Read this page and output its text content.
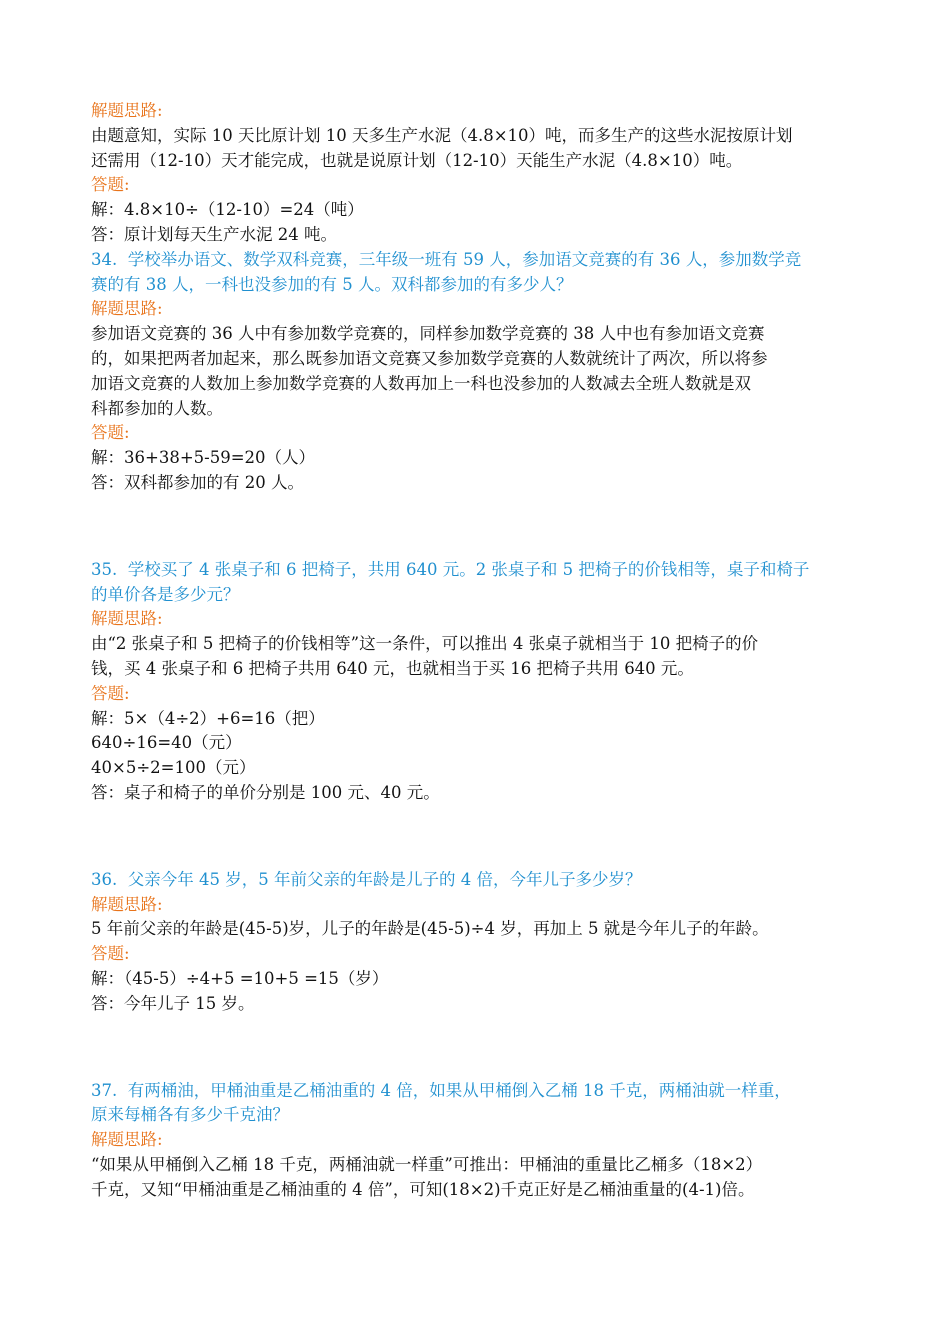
解题思路:
由题意知，实际 10 天比原计划 10 天多生产水泥（4.8×10）吨，而多生产的这些水泥按原计划
还需用（12-10）天才能完成，也就是说原计划（12-10）天能生产水泥（4.8×10）吨。
答题:
解：4.8×10÷（12-10）=24（吨）
答：原计划每天生产水泥 24 吨。
34.  学校举办语文、数学双科竞赛，三年级一班有 59 人，参加语文竞赛的有 36 人，参加数学竞
赛的有 38 人，一科也没参加的有 5 人。双科都参加的有多少人？
解题思路:
参加语文竞赛的 36 人中有参加数学竞赛的，同样参加数学竞赛的 38 人中也有参加语文竞赛
的，如果把两者加起来，那么既参加语文竞赛又参加数学竞赛的人数就统计了两次，所以将参
加语文竞赛的人数加上参加数学竞赛的人数再加上一科也没参加的人数减去全班人数就是双
科都参加的人数。
答题:
解：36+38+5-59=20（人）
答：双科都参加的有 20 人。
35.  学校买了 4 张桌子和 6 把椅子，共用 640 元。2 张桌子和 5 把椅子的价钱相等，桌子和椅子
的单价各是多少元？
解题思路:
由“2 张桌子和 5 把椅子的价钱相等”这一条件，可以推出 4 张桌子就相当于 10 把椅子的价
钱，买 4 张桌子和 6 把椅子共用 640 元，也就相当于买 16 把椅子共用 640 元。
答题:
解：5×（4÷2）+6=16（把）
640÷16=40（元）
40×5÷2=100（元）
答：桌子和椅子的单价分别是 100 元、40 元。
36.  父亲今年 45 岁，5 年前父亲的年龄是儿子的 4 倍，今年儿子多少岁？
解题思路:
5 年前父亲的年龄是(45-5)岁，儿子的年龄是(45-5)÷4 岁，再加上 5 就是今年儿子的年龄。
答题:
解：（45-5）÷4+5 =10+5 =15（岁）
答：今年儿子 15 岁。
37.  有两桶油，甲桶油重是乙桶油重的 4 倍，如果从甲桶倒入乙桶 18 千克，两桶油就一样重，
原来每桶各有多少千克油？
解题思路:
“如果从甲桶倒入乙桶 18 千克，两桶油就一样重”可推出：甲桶油的重量比乙桶多（18×2）
千克，又知“甲桶油重是乙桶油重的 4 倍”，可知(18×2)千克正好是乙桶油重量的(4-1)倍。
